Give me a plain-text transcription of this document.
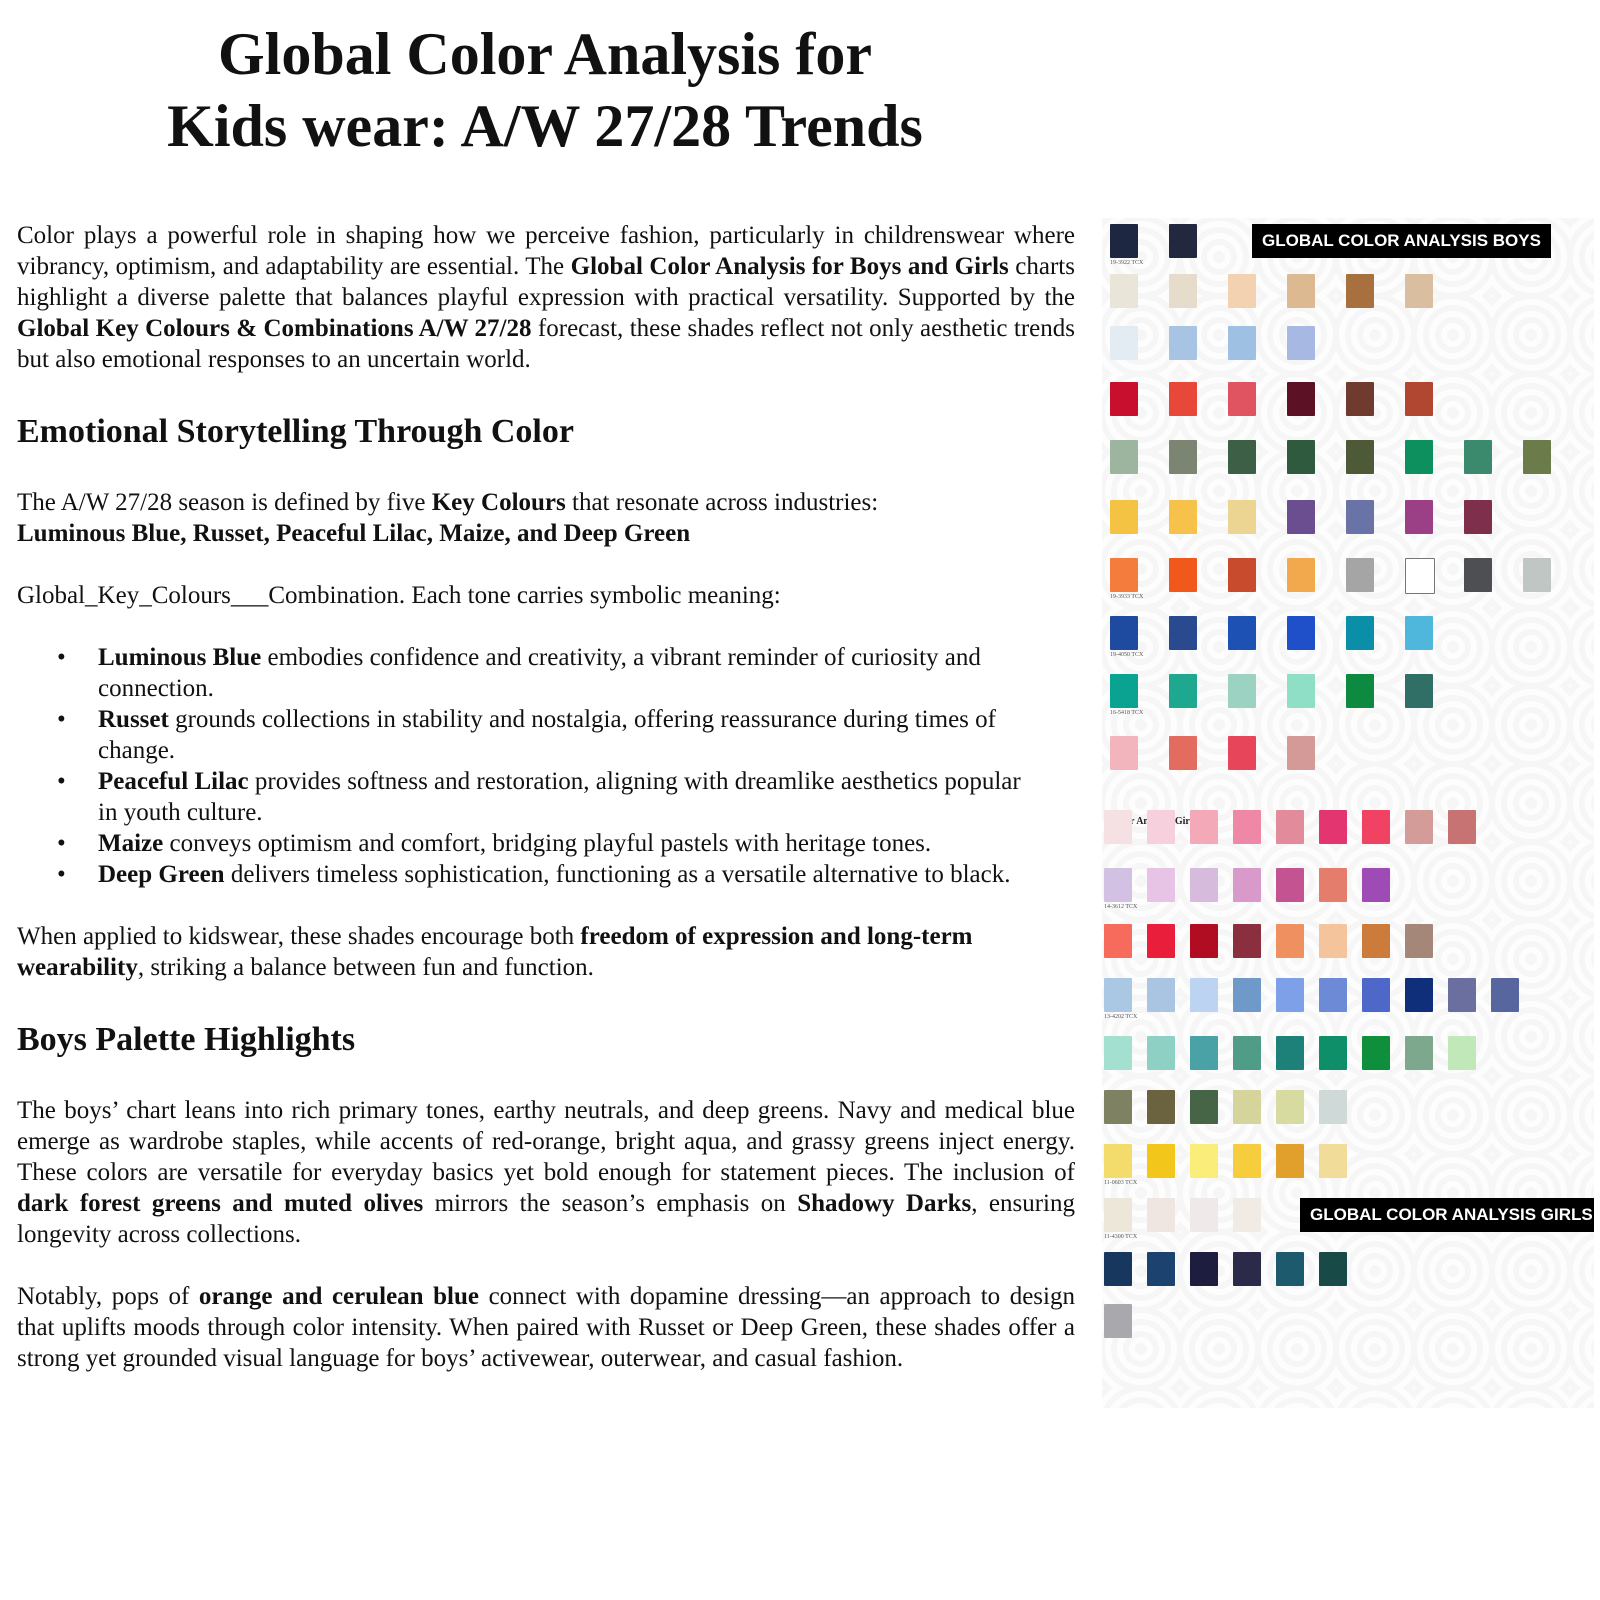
Global Color Analysis for
Kids wear: A/W 27/28 Trends

Color plays a powerful role in shaping how we perceive fashion, particularly in childrenswear where vibrancy, optimism, and adaptability are essential. The Global Color Analysis for Boys and Girls charts highlight a diverse palette that balances playful expression with practical versatility. Supported by the Global Key Colours & Combinations A/W 27/28 forecast, these shades reflect not only aesthetic trends but also emotional responses to an uncertain world.

Emotional Storytelling Through Color

The A/W 27/28 season is defined by five Key Colours that resonate across industries:
Luminous Blue, Russet, Peaceful Lilac, Maize, and Deep Green

Global_Key_Colours___Combination. Each tone carries symbolic meaning:

• Luminous Blue embodies confidence and creativity, a vibrant reminder of curiosity and connection.
• Russet grounds collections in stability and nostalgia, offering reassurance during times of change.
• Peaceful Lilac provides softness and restoration, aligning with dreamlike aesthetics popular in youth culture.
• Maize conveys optimism and comfort, bridging playful pastels with heritage tones.
• Deep Green delivers timeless sophistication, functioning as a versatile alternative to black.

When applied to kidswear, these shades encourage both freedom of expression and long-term wearability, striking a balance between fun and function.

Boys Palette Highlights

The boys’ chart leans into rich primary tones, earthy neutrals, and deep greens. Navy and medical blue emerge as wardrobe staples, while accents of red-orange, bright aqua, and grassy greens inject energy. These colors are versatile for everyday basics yet bold enough for statement pieces. The inclusion of dark forest greens and muted olives mirrors the season’s emphasis on Shadowy Darks, ensuring longevity across collections.

Notably, pops of orange and cerulean blue connect with dopamine dressing—an approach to design that uplifts moods through color intensity. When paired with Russet or Deep Green, these shades offer a strong yet grounded visual language for boys’ activewear, outerwear, and casual fashion.

GLOBAL COLOR ANALYSIS BOYS
Girls
GLOBAL COLOR ANALYSIS GIRLS
19-3922 TCX
19-3933 TCX
19-4050 TCX
16-5418 TCX
14-3612 TCX
13-4202 TCX
11-0603 TCX
11-4300 TCX
